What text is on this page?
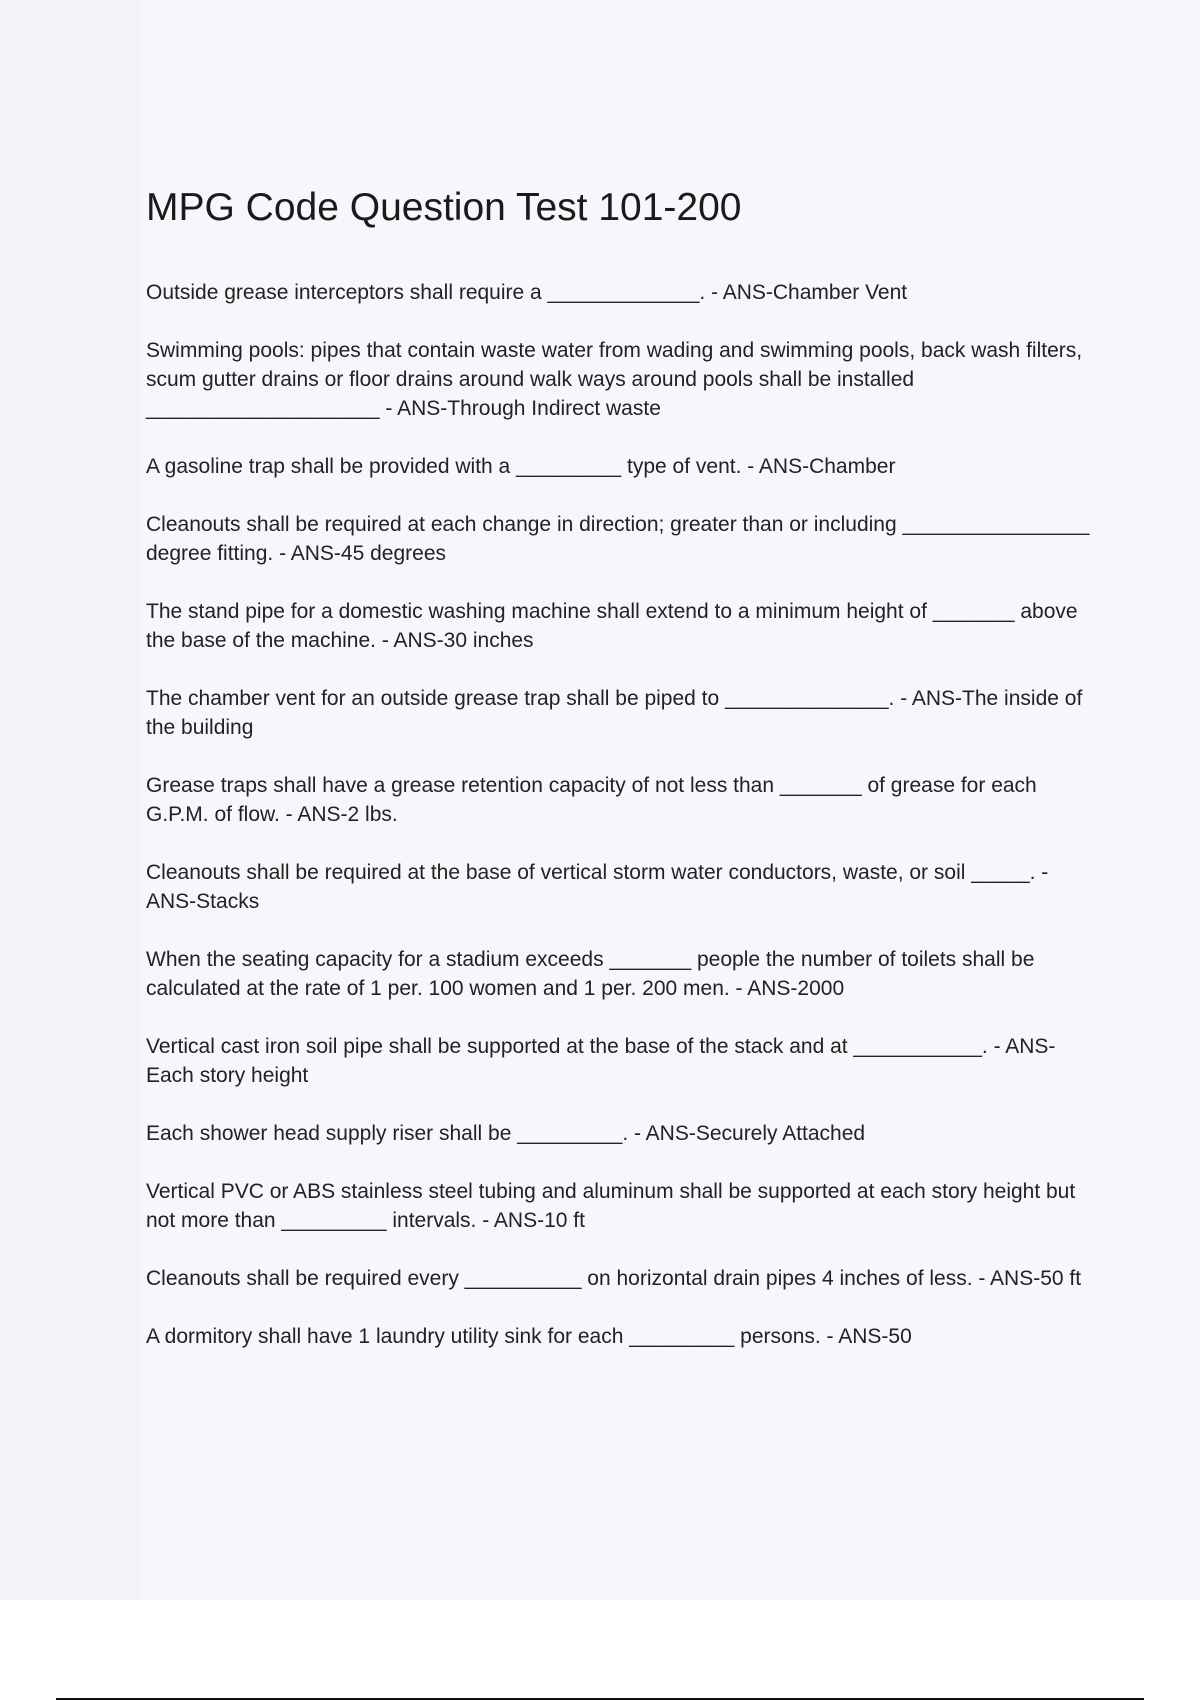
MPG Code Question Test 101-200
Outside grease interceptors shall require a _____________. - ANS-Chamber Vent
Swimming pools: pipes that contain waste water from wading and swimming pools, back wash filters, scum gutter drains or floor drains around walk ways around pools shall be installed ____________________ - ANS-Through Indirect waste
A gasoline trap shall be provided with a _________ type of vent. - ANS-Chamber
Cleanouts shall be required at each change in direction; greater than or including ________________ degree fitting. - ANS-45 degrees
The stand pipe for a domestic washing machine shall extend to a minimum height of _______ above the base of the machine. - ANS-30 inches
The chamber vent for an outside grease trap shall be piped to ______________. - ANS-The inside of the building
Grease traps shall have a grease retention capacity of not less than _______ of grease for each G.P.M. of flow. - ANS-2 lbs.
Cleanouts shall be required at the base of vertical storm water conductors, waste, or soil _____. - ANS-Stacks
When the seating capacity for a stadium exceeds _______ people the number of toilets shall be calculated at the rate of 1 per. 100 women and 1 per. 200 men. - ANS-2000
Vertical cast iron soil pipe shall be supported at the base of the stack and at ___________. - ANS-Each story height
Each shower head supply riser shall be _________. - ANS-Securely Attached
Vertical PVC or ABS stainless steel tubing and aluminum shall be supported at each story height but not more than _________ intervals. - ANS-10 ft
Cleanouts shall be required every __________ on horizontal drain pipes 4 inches of less. - ANS-50 ft
A dormitory shall have 1 laundry utility sink for each _________ persons. - ANS-50
